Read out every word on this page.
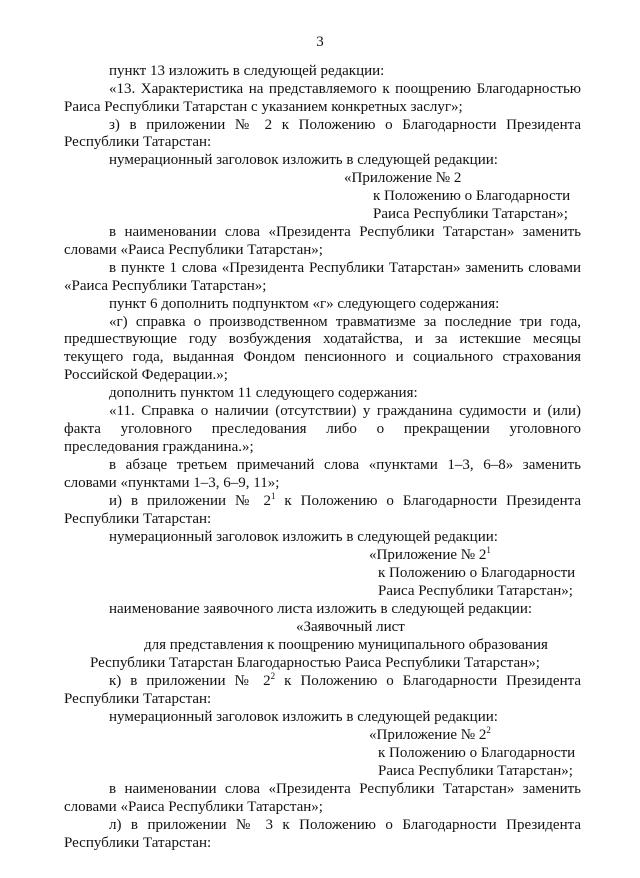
3
пункт 13 изложить в следующей редакции:
«13. Характеристика на представляемого к поощрению Благодарностью
Раиса Республики Татарстан с указанием конкретных заслуг»;
з) в приложении № 2 к Положению о Благодарности Президента
Республики Татарстан:
нумерационный заголовок изложить в следующей редакции:
«Приложение № 2
к Положению о Благодарности
Раиса Республики Татарстан»;
в наименовании слова «Президента Республики Татарстан» заменить
словами «Раиса Республики Татарстан»;
в пункте 1 слова «Президента Республики Татарстан» заменить словами
«Раиса Республики Татарстан»;
пункт 6 дополнить подпунктом «г» следующего содержания:
«г) справка о производственном травматизме за последние три года,
предшествующие году возбуждения ходатайства, и за истекшие месяцы
текущего года, выданная Фондом пенсионного и социального страхования
Российской Федерации.»;
дополнить пунктом 11 следующего содержания:
«11. Справка о наличии (отсутствии) у гражданина судимости и (или)
факта уголовного преследования либо о прекращении уголовного
преследования гражданина.»;
в абзаце третьем примечаний слова «пунктами 1–3, 6–8» заменить
словами «пунктами 1–3, 6–9, 11»;
и) в приложении № $2^1$ к Положению о Благодарности Президента
Республики Татарстан:
нумерационный заголовок изложить в следующей редакции:
«Приложение № $2^1$
к Положению о Благодарности
Раиса Республики Татарстан»;
наименование заявочного листа изложить в следующей редакции:
«Заявочный лист
для представления к поощрению муниципального образования
Республики Татарстан Благодарностью Раиса Республики Татарстан»;
к) в приложении № $2^2$ к Положению о Благодарности Президента
Республики Татарстан:
нумерационный заголовок изложить в следующей редакции:
«Приложение № $2^2$
к Положению о Благодарности
Раиса Республики Татарстан»;
в наименовании слова «Президента Республики Татарстан» заменить
словами «Раиса Республики Татарстан»;
л) в приложении № 3 к Положению о Благодарности Президента
Республики Татарстан:
